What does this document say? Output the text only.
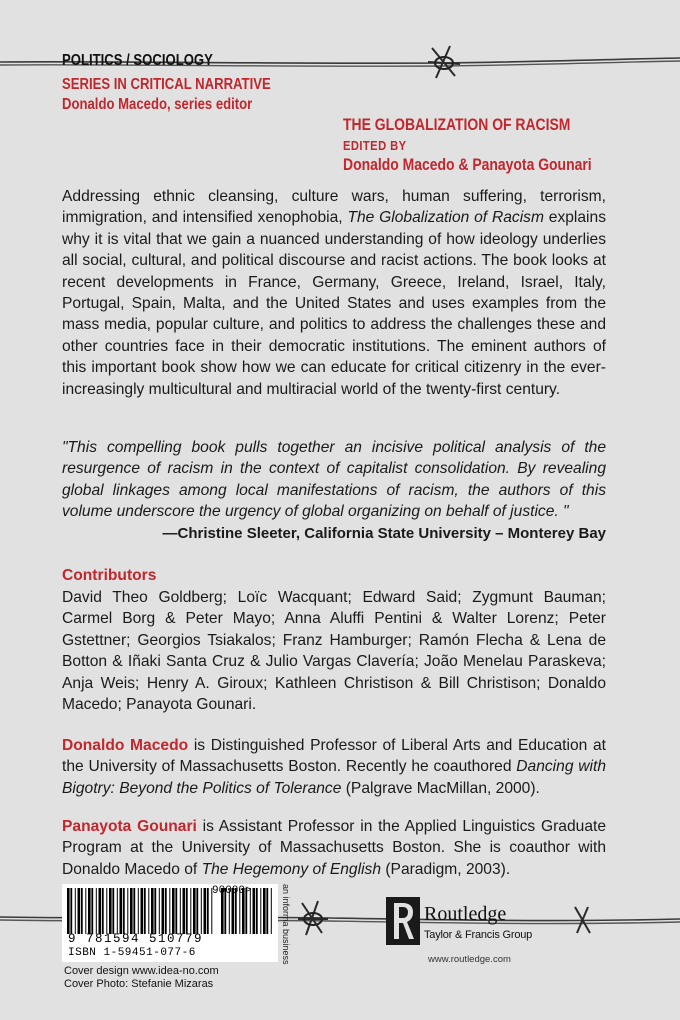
POLITICS / SOCIOLOGY
SERIES IN CRITICAL NARRATIVE
Donaldo Macedo, series editor
THE GLOBALIZATION OF RACISM
EDITED BY
Donaldo Macedo & Panayota Gounari

Addressing ethnic cleansing, culture wars, human suffering, terrorism, immigration, and intensified xenophobia, The Globalization of Racism explains why it is vital that we gain a nuanced understanding of how ideology underlies all social, cultural, and political discourse and racist actions. The book looks at recent developments in France, Germany, Greece, Ireland, Israel, Italy, Portugal, Spain, Malta, and the United States and uses examples from the mass media, popular culture, and politics to address the challenges these and other countries face in their democratic institutions. The eminent authors of this important book show how we can educate for critical citizenry in the ever-increasingly multicultural and multiracial world of the twenty-first century.

"This compelling book pulls together an incisive political analysis of the resurgence of racism in the context of capitalist consolidation. By revealing global linkages among local manifestations of racism, the authors of this volume underscore the urgency of global organizing on behalf of justice. "

—Christine Sleeter, California State University – Monterey Bay
Contributors

David Theo Goldberg; Loïc Wacquant; Edward Said; Zygmunt Bauman; Carmel Borg & Peter Mayo; Anna Aluffi Pentini & Walter Lorenz; Peter Gstettner; Georgios Tsiakalos; Franz Hamburger; Ramón Flecha & Lena de Botton & Iñaki Santa Cruz & Julio Vargas Clavería; João Menelau Paraskeva; Anja Weis; Henry A. Giroux; Kathleen Christison & Bill Christison; Donaldo Macedo; Panayota Gounari.

Donaldo Macedo is Distinguished Professor of Liberal Arts and Education at the University of Massachusetts Boston. Recently he coauthored Dancing with Bigotry: Beyond the Politics of Tolerance (Palgrave MacMillan, 2000).

Panayota Gounari is Assistant Professor in the Applied Linguistics Graduate Program at the University of Massachusetts Boston. She is coauthor with Donaldo Macedo of The Hegemony of English (Paradigm, 2003).

90000>
9 781594 510779
ISBN 1-59451-077-6	an informa business
Cover design www.idea-no.com
Cover Photo: Stefanie Mizaras
Routledge
Taylor & Francis Group
www.routledge.com
